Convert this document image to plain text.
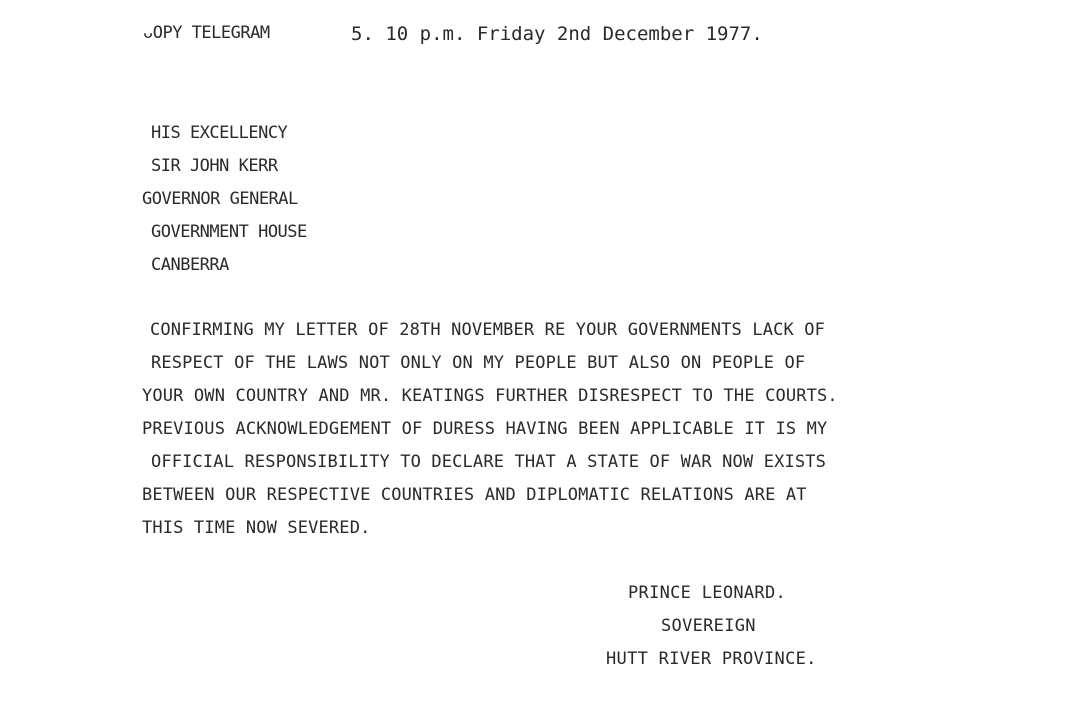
ᴗOPY TELEGRAM	5. 10 p.m. Friday 2nd December 1977.
HIS EXCELLENCY
SIR JOHN KERR
GOVERNOR GENERAL
GOVERNMENT HOUSE
CANBERRA
CONFIRMING MY LETTER OF 28TH NOVEMBER RE YOUR GOVERNMENTS LACK OF
RESPECT OF THE LAWS NOT ONLY ON MY PEOPLE BUT ALSO ON PEOPLE OF
YOUR OWN COUNTRY AND MR. KEATINGS FURTHER DISRESPECT TO THE COURTS.
PREVIOUS ACKNOWLEDGEMENT OF DURESS HAVING BEEN APPLICABLE IT IS MY
OFFICIAL RESPONSIBILITY TO DECLARE THAT A STATE OF WAR NOW EXISTS
BETWEEN OUR RESPECTIVE COUNTRIES AND DIPLOMATIC RELATIONS ARE AT
THIS TIME NOW SEVERED.
PRINCE LEONARD.
SOVEREIGN
HUTT RIVER PROVINCE.
